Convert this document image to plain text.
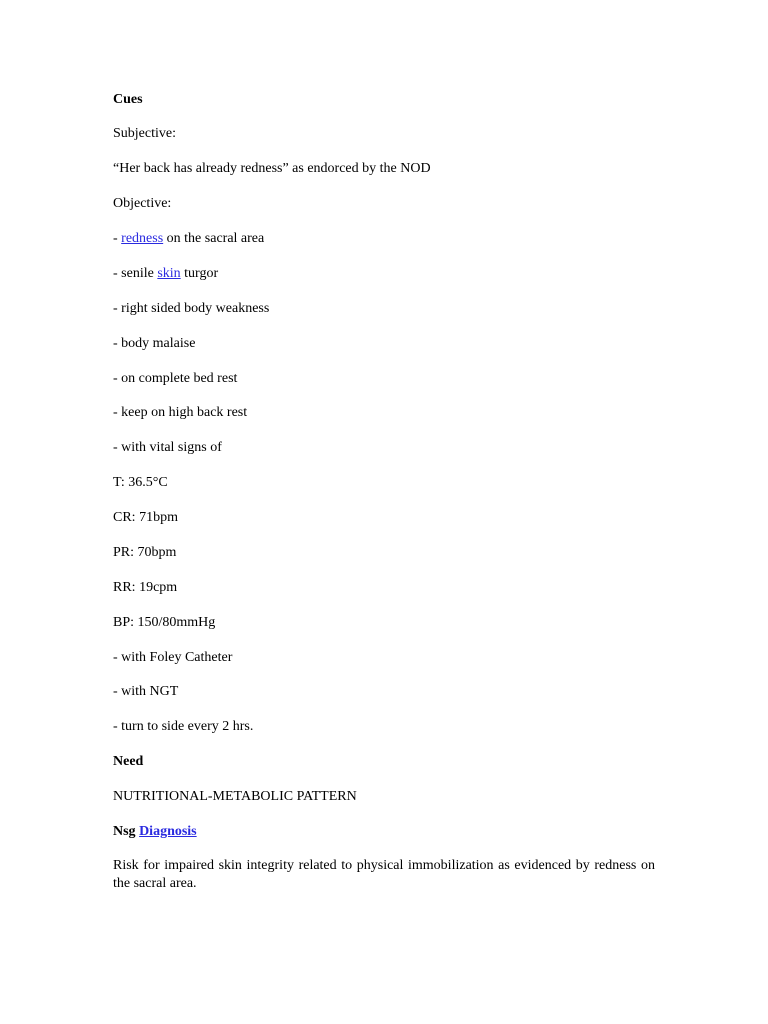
Cues
Subjective:
“Her back has already redness” as endorced by the NOD
Objective:
- redness on the sacral area
- senile skin turgor
- right sided body weakness
- body malaise
- on complete bed rest
- keep on high back rest
- with vital signs of
T: 36.5°C
CR: 71bpm
PR: 70bpm
RR: 19cpm
BP: 150/80mmHg
- with Foley Catheter
- with NGT
- turn to side every 2 hrs.
Need
NUTRITIONAL-METABOLIC PATTERN
Nsg Diagnosis
Risk for impaired skin integrity related to physical immobilization as evidenced by redness on the sacral area.
